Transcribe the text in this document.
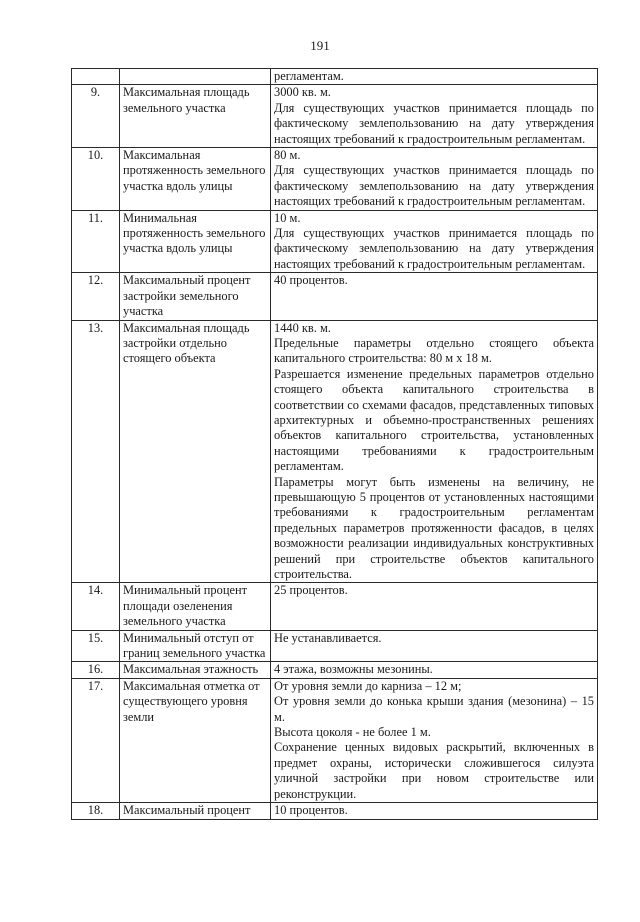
191

		регламентам.

9.	Максимальная площадь земельного участка	3000 кв. м.

Для существующих участков принимается площадь по фактическому землепользованию на дату утверждения настоящих требований к градостроительным регламентам.

10.	Максимальная протяженность земельного участка вдоль улицы	80 м.

Для существующих участков принимается площадь по фактическому землепользованию на дату утверждения настоящих требований к градостроительным регламентам.

11.	Минимальная протяженность земельного участка вдоль улицы	10 м.

Для существующих участков принимается площадь по фактическому землепользованию на дату утверждения настоящих требований к градостроительным регламентам.

12.	Максимальный процент застройки земельного участка	40 процентов.

13.	Максимальная площадь застройки отдельно стоящего объекта	1440 кв. м.

Предельные параметры отдельно стоящего объекта капитального строительства: 80 м х 18 м.

Разрешается изменение предельных параметров отдельно стоящего объекта капитального строительства в соответствии со схемами фасадов, представленных типовых архитектурных и объемно-пространственных решениях объектов капитального строительства, установленных настоящими требованиями к градостроительным регламентам.

Параметры могут быть изменены на величину, не превышающую 5 процентов от установленных настоящими требованиями к градостроительным регламентам предельных параметров протяженности фасадов, в целях возможности реализации индивидуальных конструктивных решений при строительстве объектов капитального строительства.

14.	Минимальный процент площади озеленения земельного участка	25 процентов.

15.	Минимальный отступ от границ земельного участка	Не устанавливается.

16.	Максимальная этажность	4 этажа, возможны мезонины.

17.	Максимальная отметка от существующего уровня земли	От уровня земли до карниза – 12 м;

От уровня земли до конька крыши здания (мезонина) – 15 м.

Высота цоколя - не более 1 м.

Сохранение ценных видовых раскрытий, включенных в предмет охраны, исторически сложившегося силуэта уличной застройки при новом строительстве или реконструкции.

18.	Максимальный процент	10 процентов.
